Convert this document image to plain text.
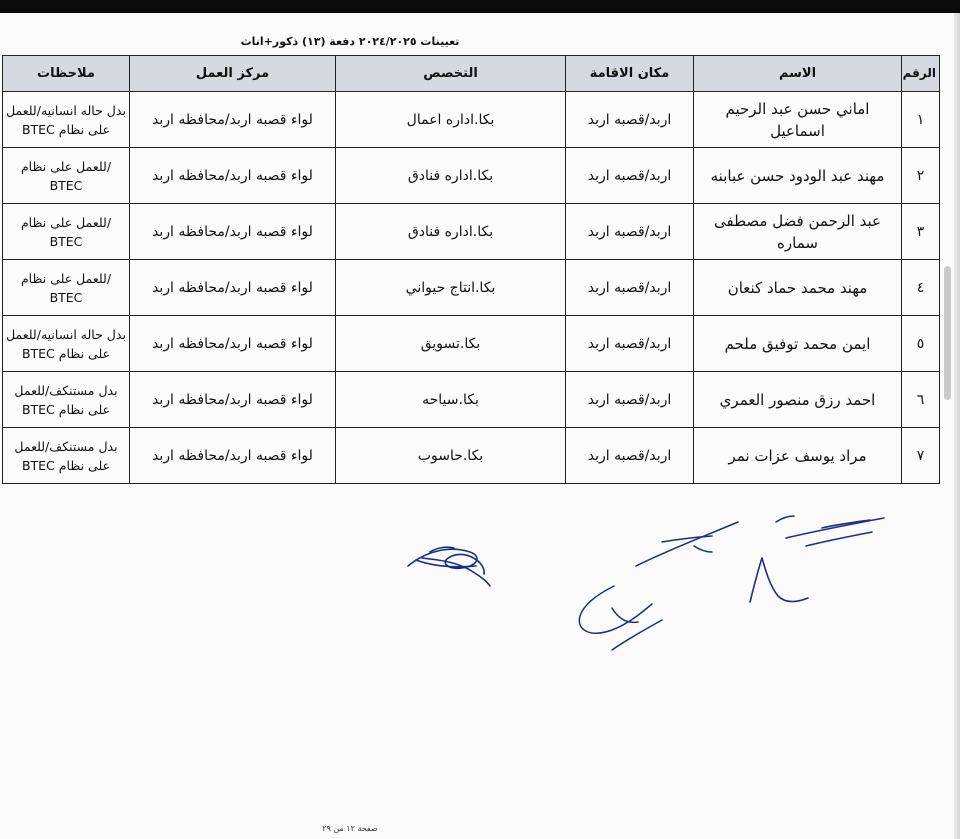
تعيينات ٢٠٢٤/٢٠٢٥ دفعة (١٣) ذكور+اناث
الرقم	الاسم	مكان الاقامة	التخصص	مركز العمل	ملاحظات
١	اماني حسن عبد الرحيم اسماعيل	اربد/قصبه اربد	بكا.اداره اعمال	لواء قصبه اربد/محافظه اربد	بدل حاله انسانيه/للعمل على نظام BTEC
٢	مهند عبد الودود حسن عبابنه	اربد/قصبه اربد	بكا.اداره فنادق	لواء قصبه اربد/محافظه اربد	/للعمل على نظام BTEC
٣	عبد الرحمن فضل مصطفى سماره	اربد/قصبه اربد	بكا.اداره فنادق	لواء قصبه اربد/محافظه اربد	/للعمل على نظام BTEC
٤	مهند محمد حماد كنعان	اربد/قصبه اربد	بكا.انتاج حيواني	لواء قصبه اربد/محافظه اربد	/للعمل على نظام BTEC
٥	ايمن محمد توفيق ملحم	اربد/قصبه اربد	بكا.تسويق	لواء قصبه اربد/محافظه اربد	بدل حاله انسانيه/للعمل على نظام BTEC
٦	احمد رزق منصور العمري	اربد/قصبه اربد	بكا.سياحه	لواء قصبه اربد/محافظه اربد	بدل مستنكف/للعمل على نظام BTEC
٧	مراد يوسف عزات نمر	اربد/قصبه اربد	بكا.حاسوب	لواء قصبه اربد/محافظه اربد	بدل مستنكف/للعمل على نظام BTEC
صفحة ١٢ من ٢٩
